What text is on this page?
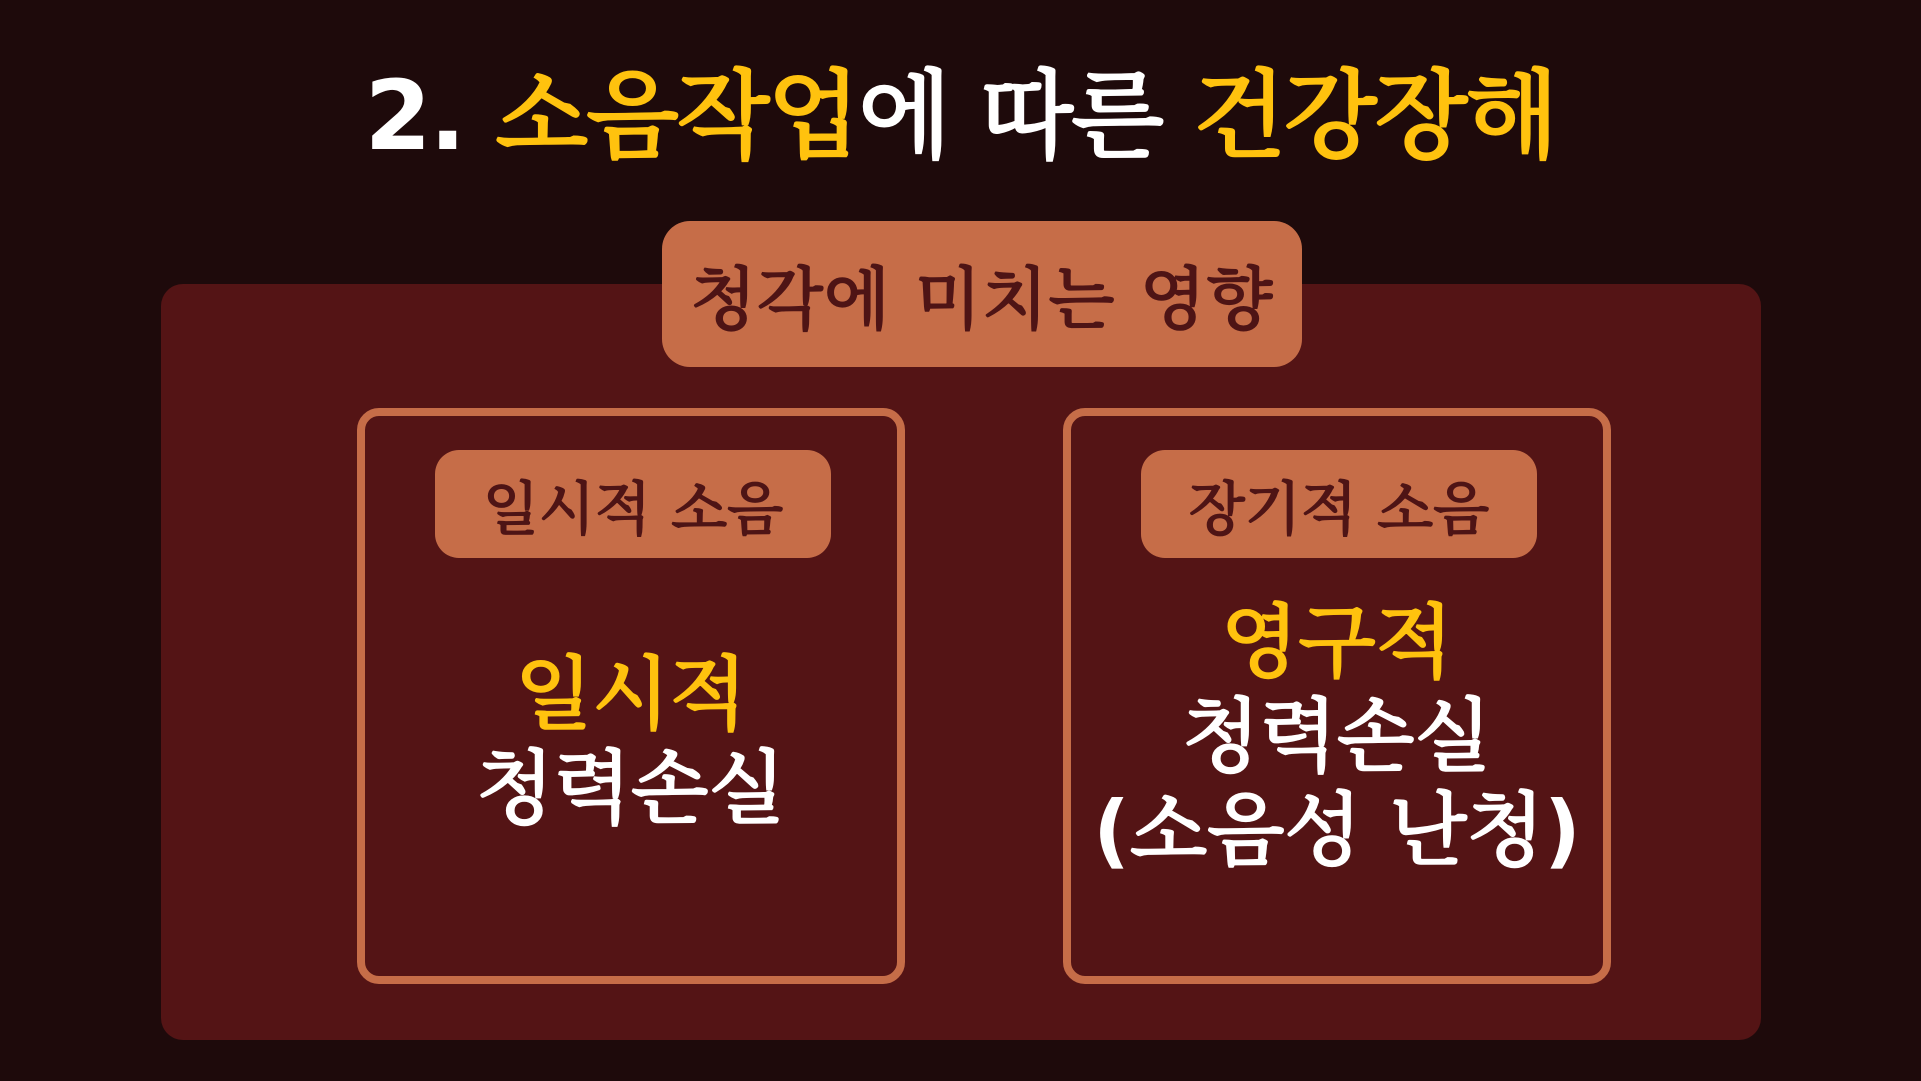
2. 소음작업에 따른 건강장해
청각에 미치는 영향
일시적 소음
일시적
청력손실
장기적 소음
영구적
청력손실
(소음성 난청)
